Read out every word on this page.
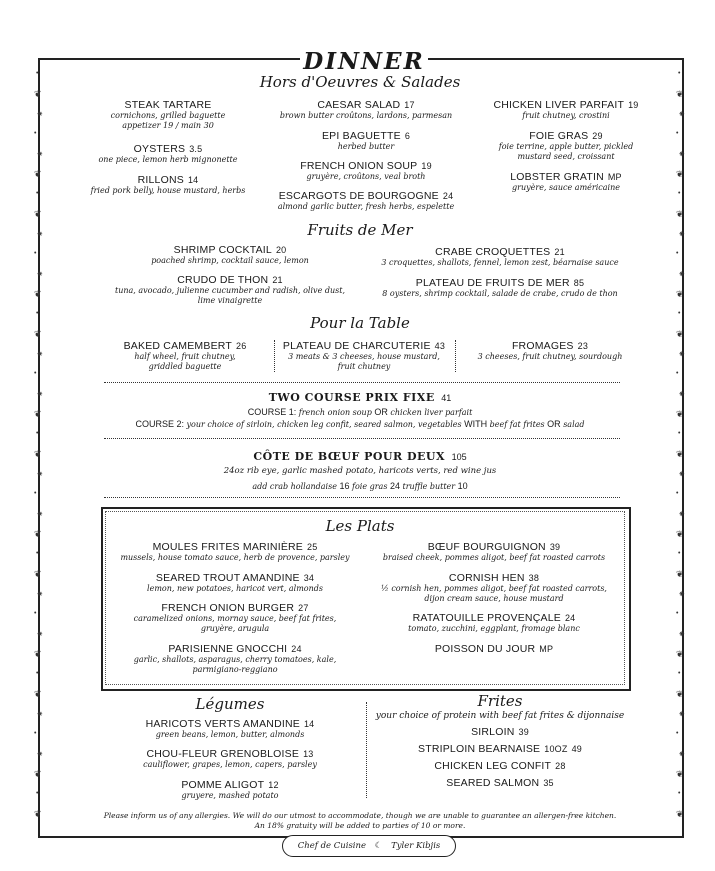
•
❦
⁕
•
⁕
❦
•
❦
⁕
•
⁕
❦
•
❦
⁕
•
⁕
❦
•
❦
⁕
•
⁕
❦
•
❦
⁕
•
⁕
❦
•
❦
⁕
•
⁕
❦
•
❦
•
❦
⁕
•
⁕
❦
•
❦
⁕
•
⁕
❦
•
❦
⁕
•
⁕
❦
•
❦
⁕
•
⁕
❦
•
❦
⁕
•
⁕
❦
•
❦
⁕
•
⁕
❦
•
❦
DINNER
Hors d'Oeuvres & Salades
STEAK TARTARE
cornichons, grilled baguette
appetizer 19 / main 30
OYSTERS 3.5
one piece, lemon herb mignonette
RILLONS 14
fried pork belly, house mustard, herbs
CAESAR SALAD 17
brown butter croûtons, lardons, parmesan
EPI BAGUETTE 6
herbed butter
FRENCH ONION SOUP 19
gruyère, croûtons, veal broth
ESCARGOTS DE BOURGOGNE 24
almond garlic butter, fresh herbs, espelette
CHICKEN LIVER PARFAIT 19
fruit chutney, crostini
FOIE GRAS 29
foie terrine, apple butter, pickled
mustard seed, croissant
LOBSTER GRATIN MP
gruyère, sauce américaine
Fruits de Mer
SHRIMP COCKTAIL 20
poached shrimp, cocktail sauce, lemon
CRUDO DE THON 21
tuna, avocado, julienne cucumber and radish, olive dust,
lime vinaigrette
CRABE CROQUETTES 21
3 croquettes, shallots, fennel, lemon zest, béarnaise sauce
PLATEAU DE FRUITS DE MER 85
8 oysters, shrimp cocktail, salade de crabe, crudo de thon
Pour la Table
BAKED CAMEMBERT 26
half wheel, fruit chutney,
griddled baguette
PLATEAU DE CHARCUTERIE 43
3 meats & 3 cheeses, house mustard,
fruit chutney
FROMAGES 23
3 cheeses, fruit chutney, sourdough
TWO COURSE PRIX FIXE 41
COURSE 1: french onion soup OR chicken liver parfait
COURSE 2: your choice of sirloin, chicken leg confit, seared salmon, vegetables WITH beef fat frites OR salad
CÔTE DE BŒUF POUR DEUX 105
24oz rib eye, garlic mashed potato, haricots verts, red wine jus
add crab hollandaise 16 foie gras 24 truffle butter 10
Les Plats
MOULES FRITES MARINIÈRE 25
mussels, house tomato sauce, herb de provence, parsley
SEARED TROUT AMANDINE 34
lemon, new potatoes, haricot vert, almonds
FRENCH ONION BURGER 27
caramelized onions, mornay sauce, beef fat frites,
gruyère, arugula
PARISIENNE GNOCCHI 24
garlic, shallots, asparagus, cherry tomatoes, kale,
parmigiano-reggiano
BŒUF BOURGUIGNON 39
braised cheek, pommes aligot, beef fat roasted carrots
CORNISH HEN 38
½ cornish hen, pommes aligot, beef fat roasted carrots,
dijon cream sauce, house mustard
RATATOUILLE PROVENÇALE 24
tomato, zucchini, eggplant, fromage blanc
POISSON DU JOUR MP
Légumes
HARICOTS VERTS AMANDINE 14
green beans, lemon, butter, almonds
CHOU-FLEUR GRENOBLOISE 13
cauliflower, grapes, lemon, capers, parsley
POMME ALIGOT 12
gruyere, mashed potato
Frites
your choice of protein with beef fat frites & dijonnaise
SIRLOIN 39
STRIPLOIN BEARNAISE 10OZ 49
CHICKEN LEG CONFIT 28
SEARED SALMON 35
Please inform us of any allergies. We will do our utmost to accommodate, though we are unable to guarantee an allergen-free kitchen.
An 18% gratuity will be added to parties of 10 or more.
Chef de Cuisine ☾ Tyler Kibjis
